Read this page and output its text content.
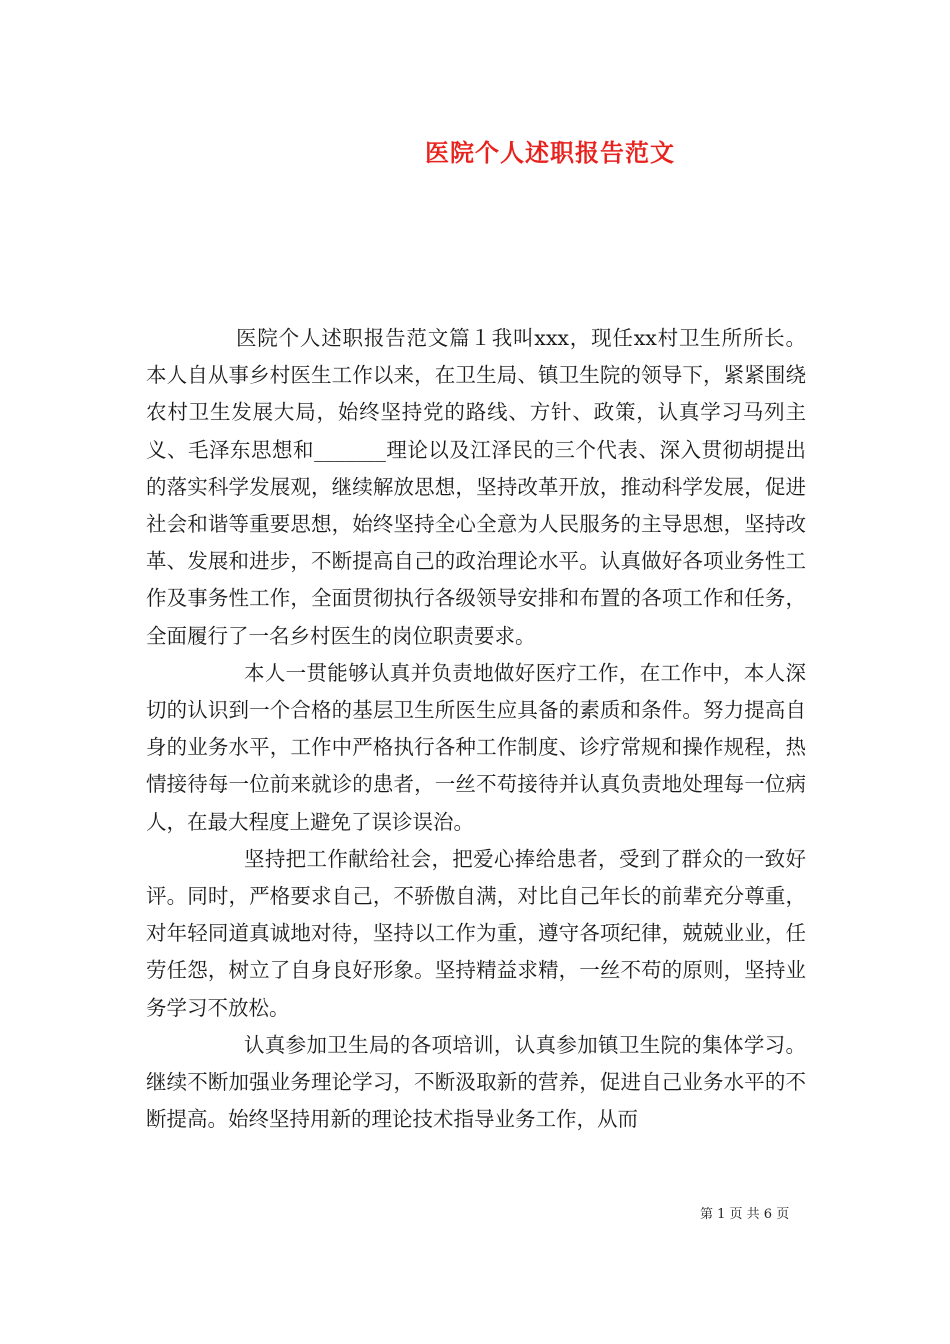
医院个人述职报告范文

医院个人述职报告范文篇１我叫xxx，现任xx村卫生所所长。本人自从事乡村医生工作以来，在卫生局、镇卫生院的领导下，紧紧围绕农村卫生发展大局，始终坚持党的路线、方针、政策，认真学习马列主义、毛泽东思想和_______理论以及江泽民的三个代表、深入贯彻胡提出的落实科学发展观，继续解放思想，坚持改革开放，推动科学发展，促进社会和谐等重要思想，始终坚持全心全意为人民服务的主导思想，坚持改革、发展和进步，不断提高自己的政治理论水平。认真做好各项业务性工作及事务性工作，全面贯彻执行各级领导安排和布置的各项工作和任务，全面履行了一名乡村医生的岗位职责要求。

本人一贯能够认真并负责地做好医疗工作，在工作中，本人深切的认识到一个合格的基层卫生所医生应具备的素质和条件。努力提高自身的业务水平，工作中严格执行各种工作制度、诊疗常规和操作规程，热情接待每一位前来就诊的患者，一丝不苟接待并认真负责地处理每一位病人，在最大程度上避免了误诊误治。

坚持把工作献给社会，把爱心捧给患者，受到了群众的一致好评。同时，严格要求自己，不骄傲自满，对比自己年长的前辈充分尊重，对年轻同道真诚地对待，坚持以工作为重，遵守各项纪律，兢兢业业，任劳任怨，树立了自身良好形象。坚持精益求精，一丝不苟的原则，坚持业务学习不放松。

认真参加卫生局的各项培训，认真参加镇卫生院的集体学习。继续不断加强业务理论学习，不断汲取新的营养，促进自己业务水平的不断提高。始终坚持用新的理论技术指导业务工作，从而

第 1 页 共 6 页
